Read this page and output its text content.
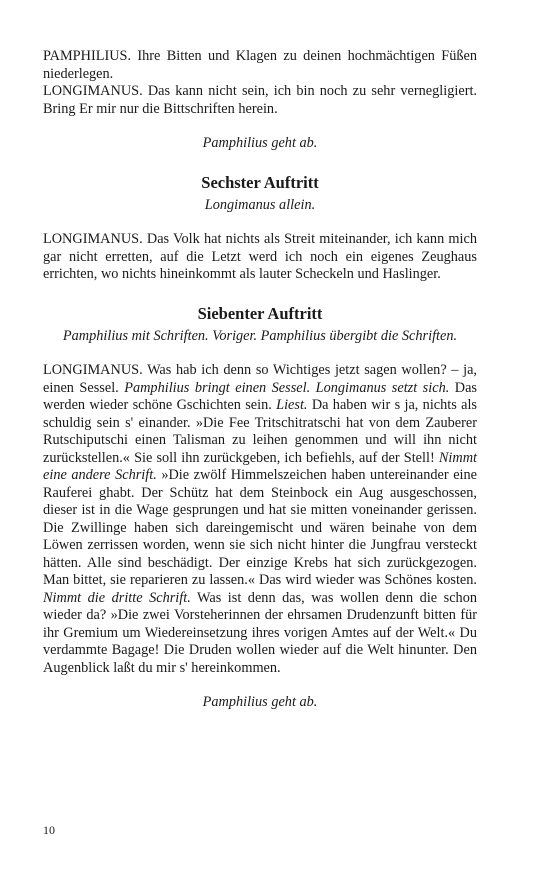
PAMPHILIUS. Ihre Bitten und Klagen zu deinen hochmächtigen Füßen niederlegen.

LONGIMANUS. Das kann nicht sein, ich bin noch zu sehr vernegligiert. Bring Er mir nur die Bittschriften herein.

Pamphilius geht ab.

Sechster Auftritt

Longimanus allein.

LONGIMANUS. Das Volk hat nichts als Streit miteinander, ich kann mich gar nicht erretten, auf die Letzt werd ich noch ein eigenes Zeughaus errichten, wo nichts hineinkommt als lauter Scheckeln und Haslinger.

Siebenter Auftritt

Pamphilius mit Schriften. Voriger. Pamphilius übergibt die Schriften.

LONGIMANUS. Was hab ich denn so Wichtiges jetzt sagen wollen? – ja, einen Sessel. Pamphilius bringt einen Sessel. Longimanus setzt sich. Das werden wieder schöne Gschichten sein. Liest. Da haben wir s ja, nichts als schuldig sein s' einander. »Die Fee Tritschitratschi hat von dem Zauberer Rutschiputschi einen Talisman zu leihen genommen und will ihn nicht zurückstellen.« Sie soll ihn zurückgeben, ich befiehls, auf der Stell! Nimmt eine andere Schrift. »Die zwölf Himmelszeichen haben untereinander eine Rauferei ghabt. Der Schütz hat dem Steinbock ein Aug ausgeschossen, dieser ist in die Wage gesprungen und hat sie mitten voneinander gerissen. Die Zwillinge haben sich dareingemischt und wären beinahe von dem Löwen zerrissen worden, wenn sie sich nicht hinter die Jungfrau versteckt hätten. Alle sind beschädigt. Der einzige Krebs hat sich zurückgezogen. Man bittet, sie reparieren zu lassen.« Das wird wieder was Schönes kosten. Nimmt die dritte Schrift. Was ist denn das, was wollen denn die schon wieder da? »Die zwei Vorsteherinnen der ehrsamen Drudenzunft bitten für ihr Gremium um Wiedereinsetzung ihres vorigen Amtes auf der Welt.« Du verdammte Bagage! Die Druden wollen wieder auf die Welt hinunter. Den Augenblick laßt du mir s' hereinkommen.

Pamphilius geht ab.

10
